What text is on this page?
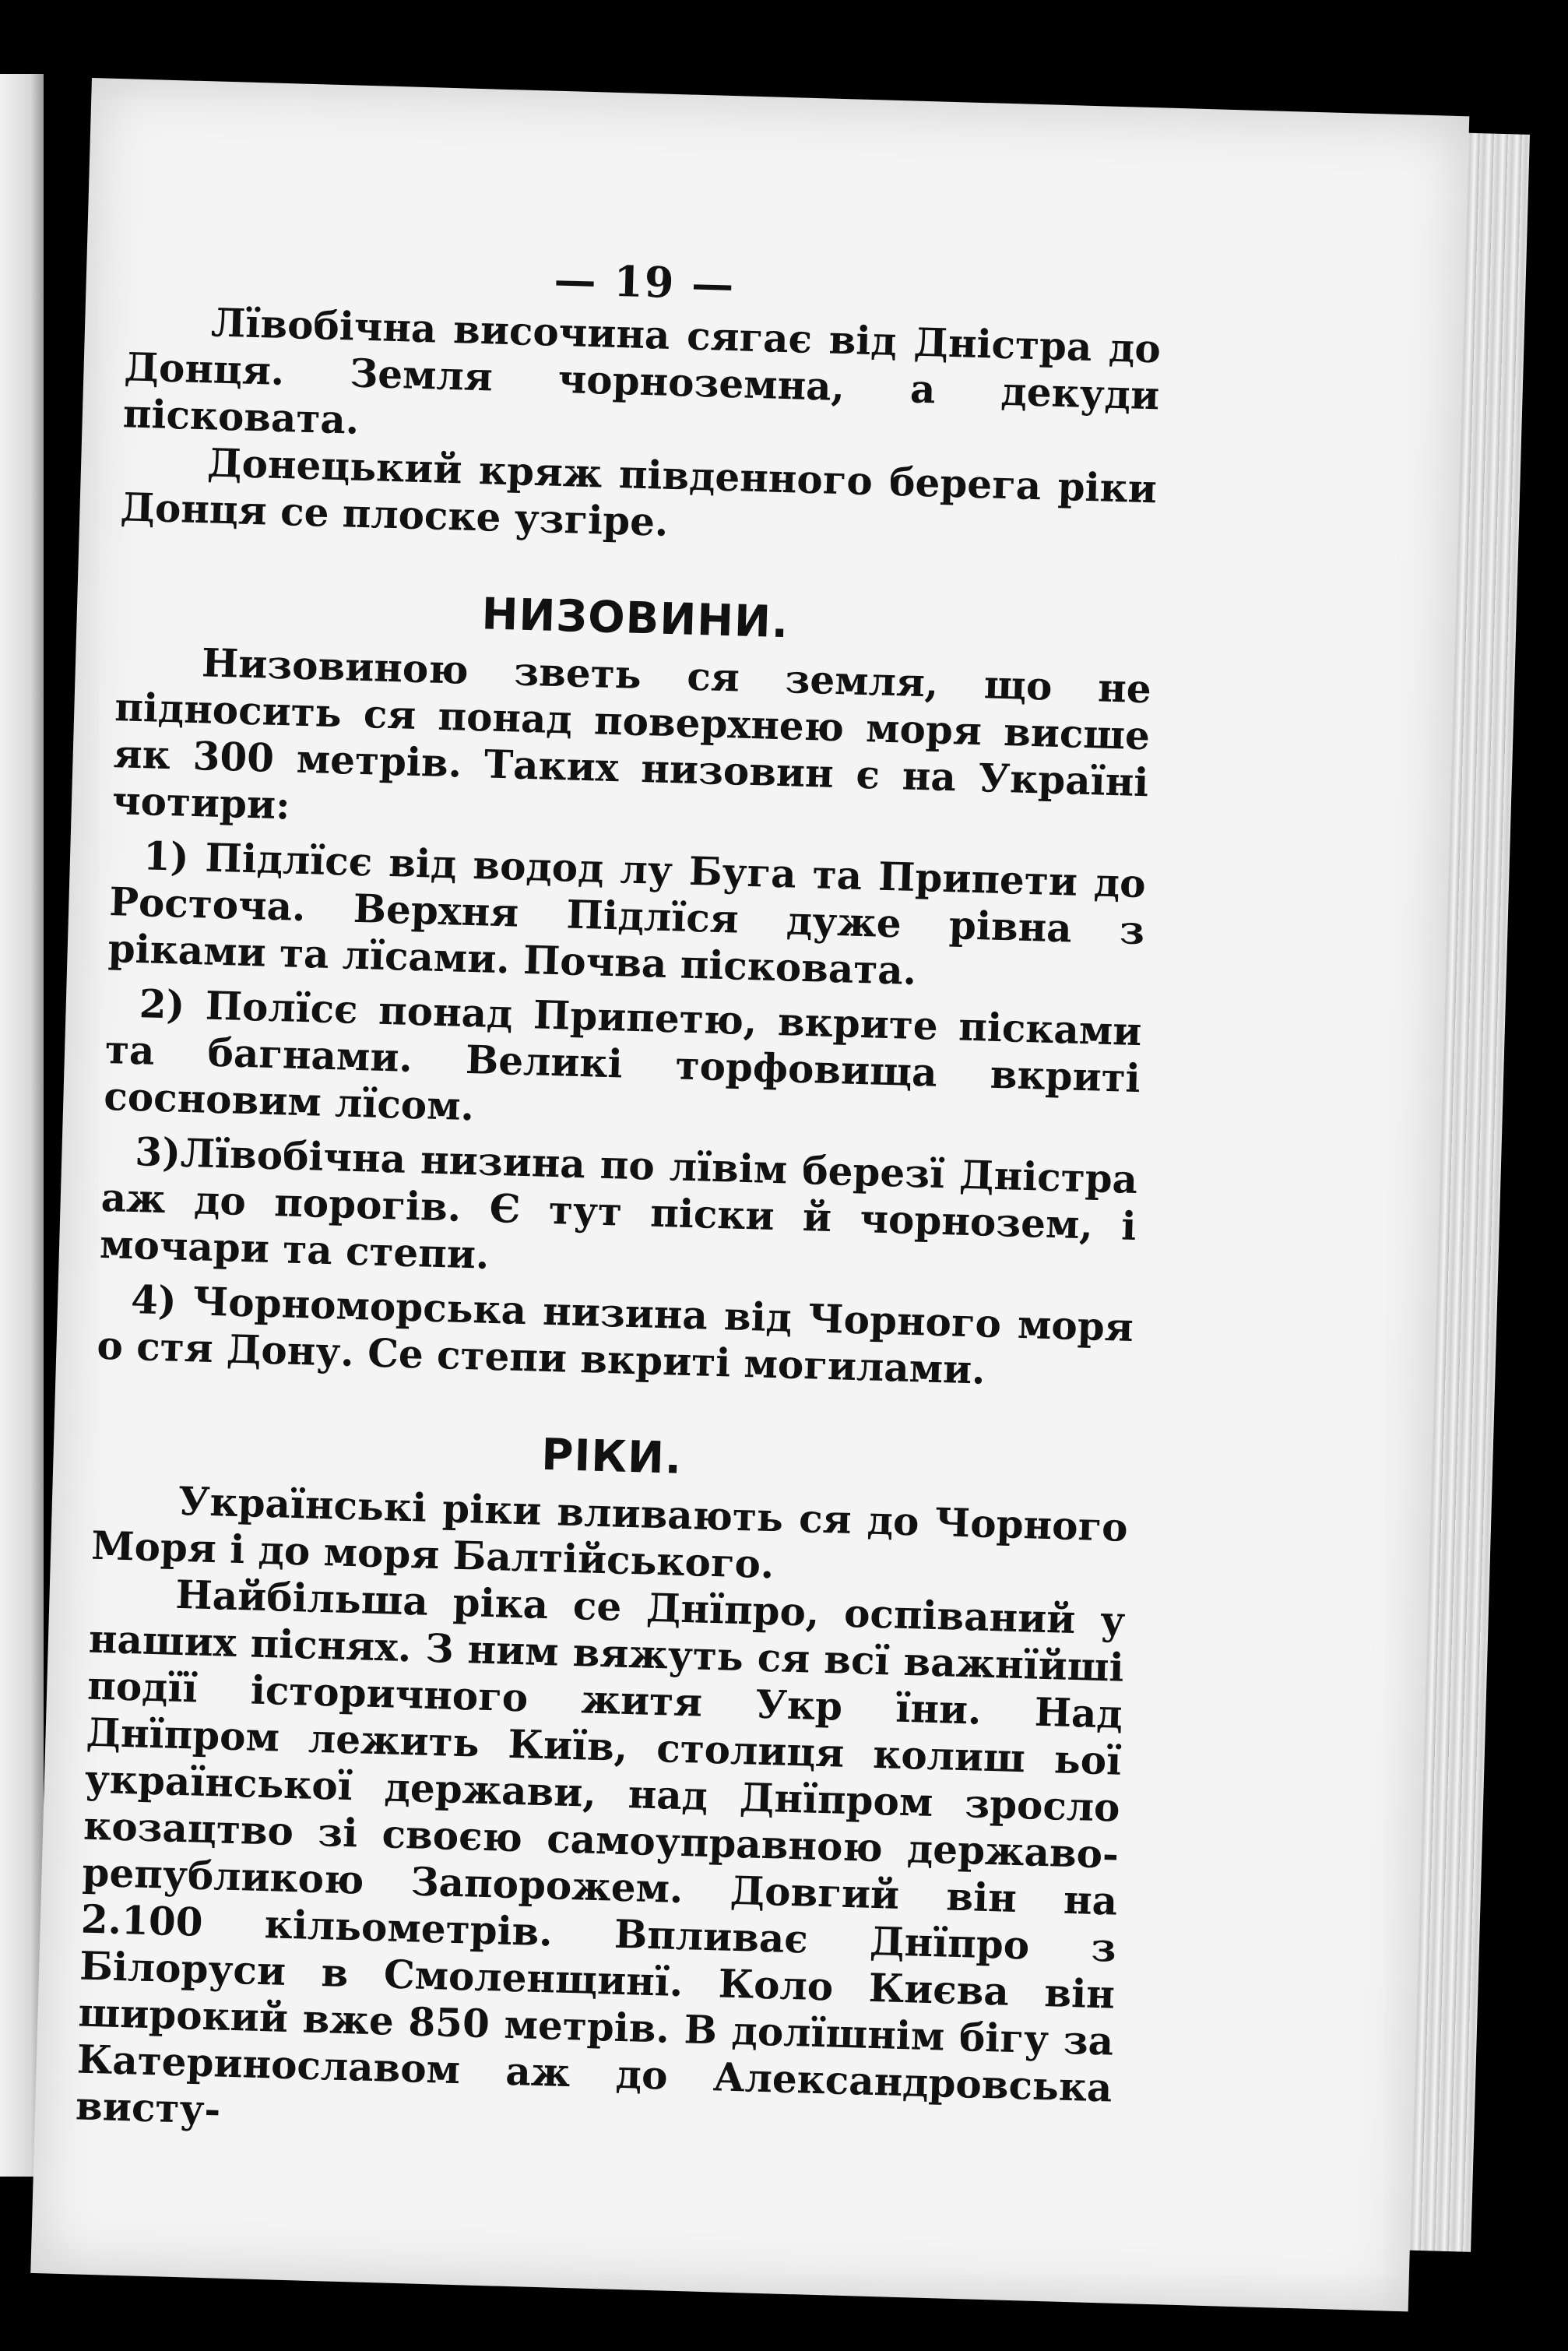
— 19 —

Лївобічна височина сягає від Дністра до Донця. Земля чорноземна, а декуди пісковата.

Донецький кряж південного берега ріки Донця се плоске узгіре.

НИЗОВИНИ.

Низовиною зветь ся земля, що не підносить ся понад поверхнею моря висше як 300 метрів. Таких низовин є на Україні чотири:

1) Підлїсє від водод лу Буга та Припети до Росточа. Верхня Підлїся дуже рівна з ріками та лїсами. Почва пісковата.

2) Полїсє понад Припетю, вкрите пісками та багнами. Великі торфовища вкриті сосновим лїсом.

3)Лївобічна низина по лївім березї Дністра аж до порогів. Є тут піски й чорнозем, і мочари та степи.

4) Чорноморська низина від Чорного моря о стя Дону. Се степи вкриті могилами.

РІКИ.

Українські ріки вливають ся до Чорного Моря і до моря Балтійського.

Найбільша ріка се Днїпро, оспіваний у наших піснях. З ним вяжуть ся всї важнїйші подїї історичного житя Укр їни. Над Днїпром лежить Київ, столиця колиш ьої української держави, над Днїпром зросло козацтво зі своєю самоуправною державо-републикою Запорожем. Довгий він на 2.100 кільометрів. Впливає Днїпро з Білоруси в Смоленщинї. Коло Києва він широкий вже 850 метрів. В долїшнім бігу за Катеринославом аж до Александровська висту-
